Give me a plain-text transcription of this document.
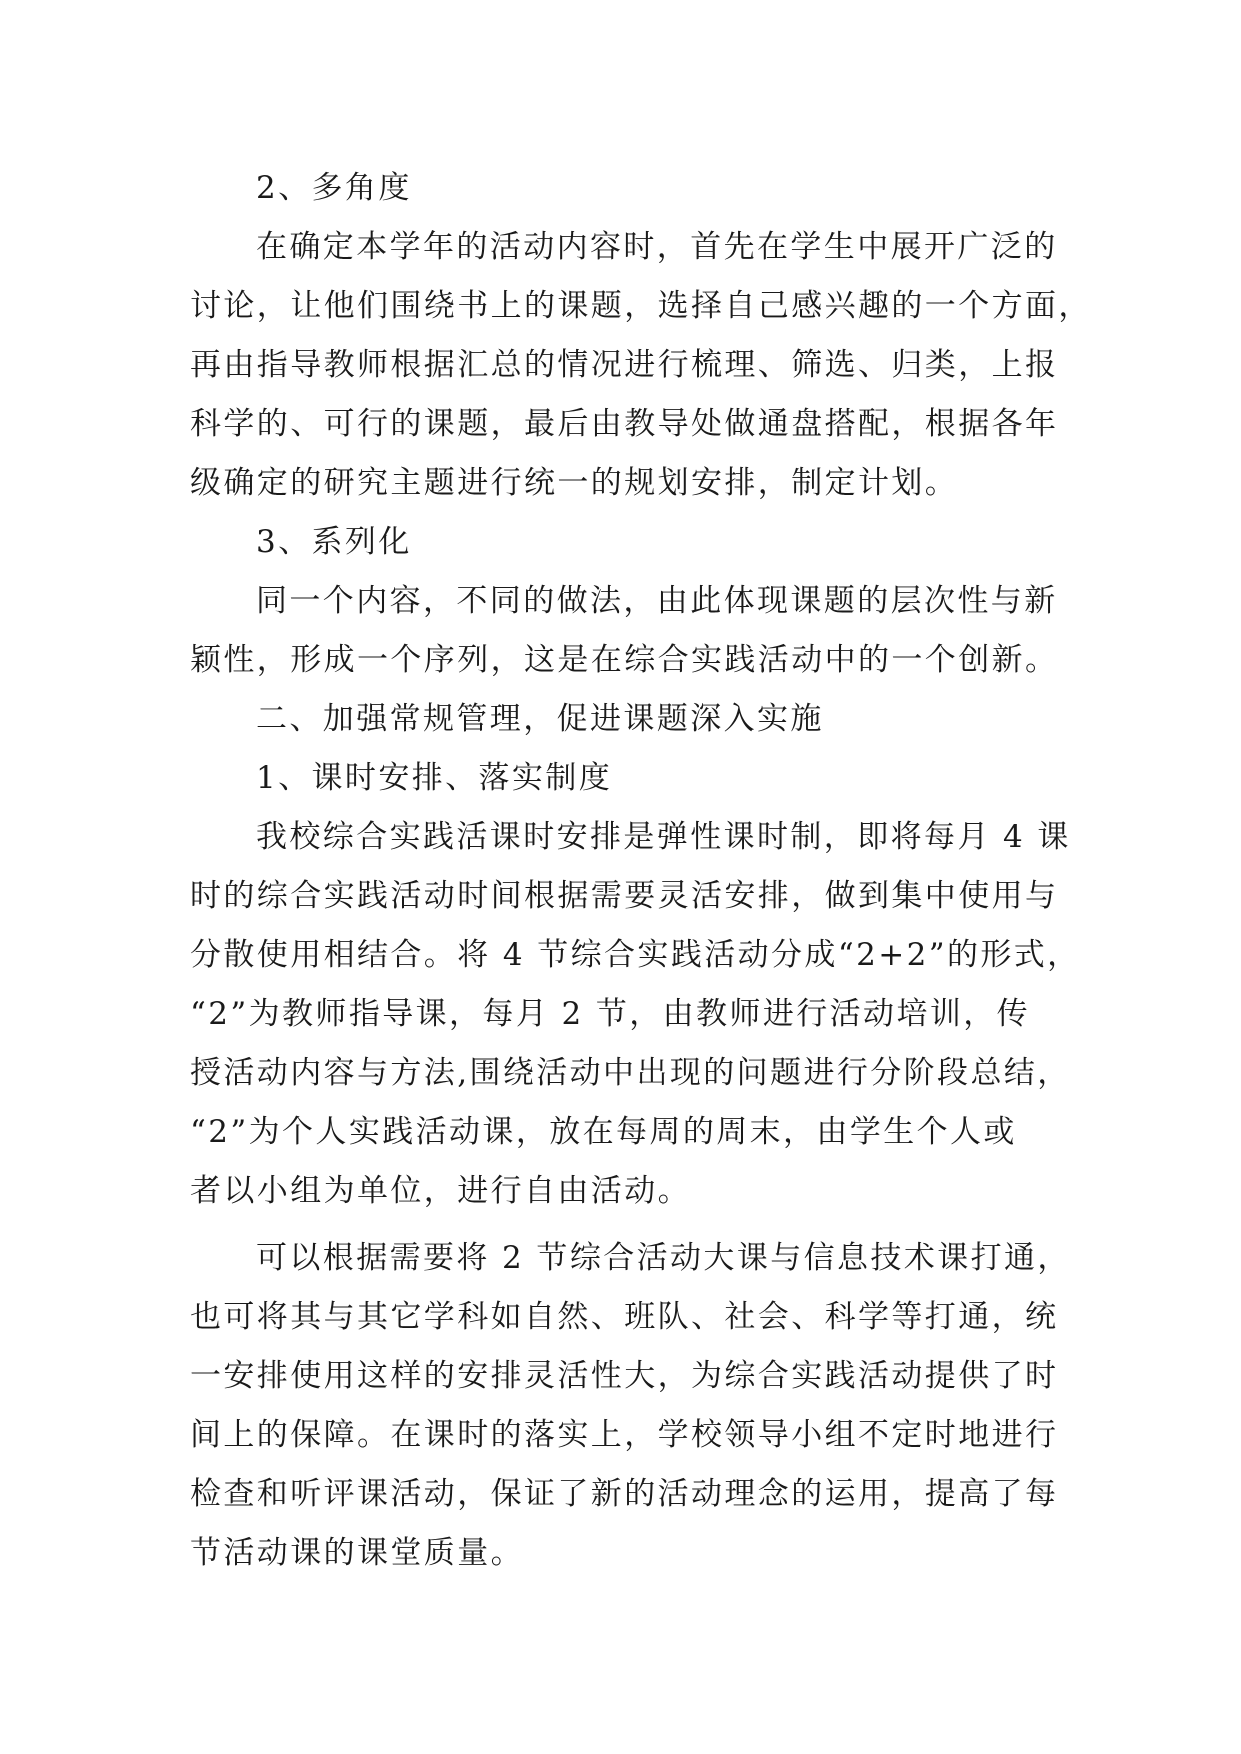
2、多角度
在确定本学年的活动内容时，首先在学生中展开广泛的
讨论，让他们围绕书上的课题，选择自己感兴趣的一个方面，
再由指导教师根据汇总的情况进行梳理、筛选、归类，上报
科学的、可行的课题，最后由教导处做通盘搭配，根据各年
级确定的研究主题进行统一的规划安排，制定计划。
3、系列化
同一个内容，不同的做法，由此体现课题的层次性与新
颖性，形成一个序列，这是在综合实践活动中的一个创新。
二、加强常规管理，促进课题深入实施
1、课时安排、落实制度
我校综合实践活课时安排是弹性课时制，即将每月 4 课
时的综合实践活动时间根据需要灵活安排，做到集中使用与
分散使用相结合。将 4 节综合实践活动分成“2+2”的形式，
“2”为教师指导课，每月 2 节，由教师进行活动培训，传
授活动内容与方法,围绕活动中出现的问题进行分阶段总结，
“2”为个人实践活动课，放在每周的周末，由学生个人或
者以小组为单位，进行自由活动。
可以根据需要将 2 节综合活动大课与信息技术课打通，
也可将其与其它学科如自然、班队、社会、科学等打通，统
一安排使用这样的安排灵活性大，为综合实践活动提供了时
间上的保障。在课时的落实上，学校领导小组不定时地进行
检查和听评课活动，保证了新的活动理念的运用，提高了每
节活动课的课堂质量。
